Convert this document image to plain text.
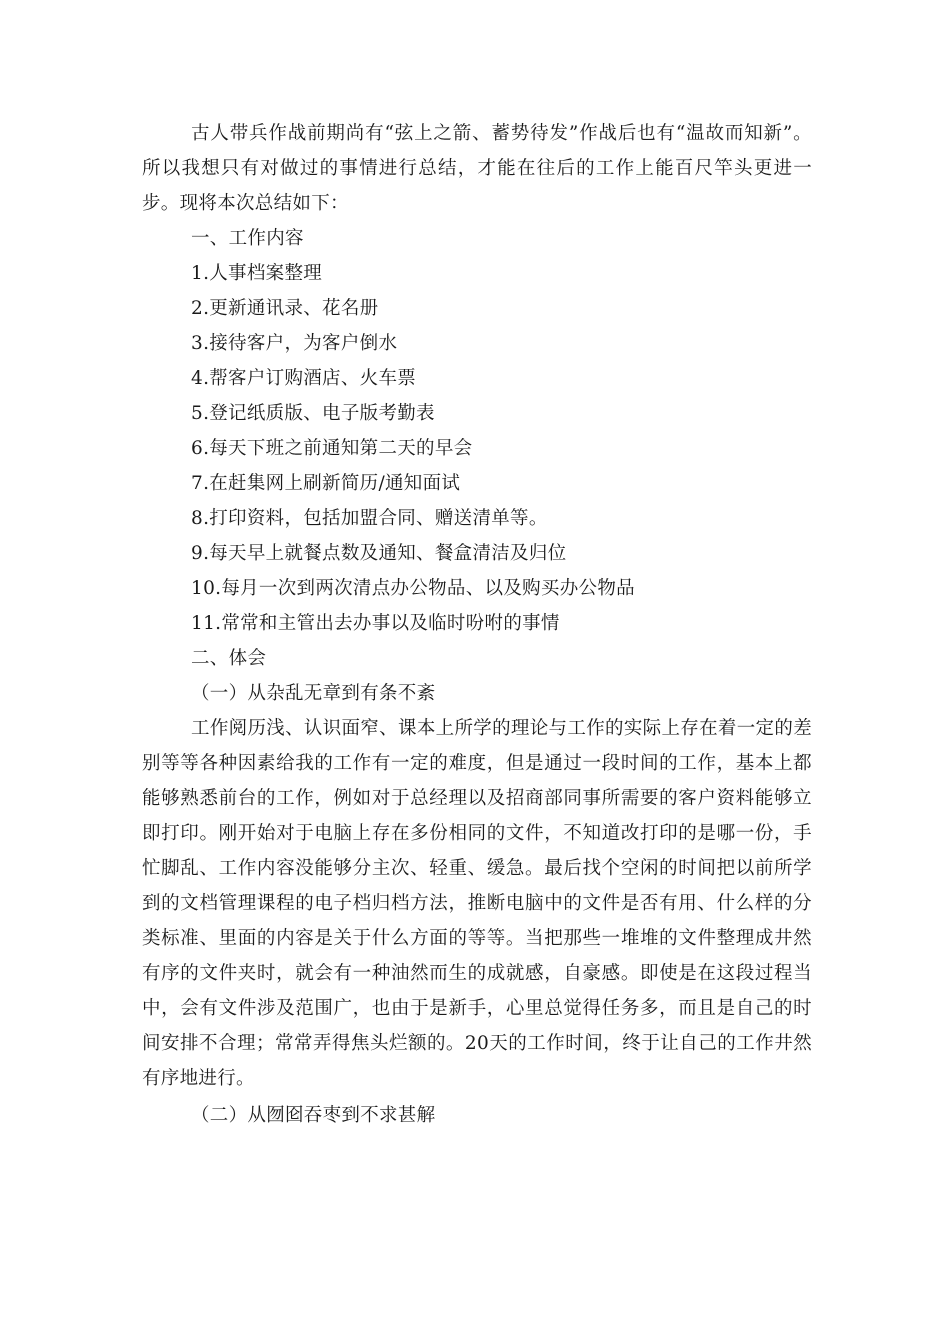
古人带兵作战前期尚有“弦上之箭、蓄势待发”作战后也有“温故而知新”。所以我想只有对做过的事情进行总结，才能在往后的工作上能百尺竿头更进一步。现将本次总结如下：

一、工作内容

1.人事档案整理

2.更新通讯录、花名册

3.接待客户，为客户倒水

4.帮客户订购酒店、火车票

5.登记纸质版、电子版考勤表

6.每天下班之前通知第二天的早会

7.在赶集网上刷新简历/通知面试

8.打印资料，包括加盟合同、赠送清单等。

9.每天早上就餐点数及通知、餐盒清洁及归位

10.每月一次到两次清点办公物品、以及购买办公物品

11.常常和主管出去办事以及临时吩咐的事情

二、体会

（一）从杂乱无章到有条不紊

工作阅历浅、认识面窄、课本上所学的理论与工作的实际上存在着一定的差别等等各种因素给我的工作有一定的难度，但是通过一段时间的工作，基本上都能够熟悉前台的工作，例如对于总经理以及招商部同事所需要的客户资料能够立即打印。刚开始对于电脑上存在多份相同的文件，不知道改打印的是哪一份，手忙脚乱、工作内容没能够分主次、轻重、缓急。最后找个空闲的时间把以前所学到的文档管理课程的电子档归档方法，推断电脑中的文件是否有用、什么样的分类标准、里面的内容是关于什么方面的等等。当把那些一堆堆的文件整理成井然有序的文件夹时，就会有一种油然而生的成就感，自豪感。即使是在这段过程当中，会有文件涉及范围广，也由于是新手，心里总觉得任务多，而且是自己的时间安排不合理；常常弄得焦头烂额的。20天的工作时间，终于让自己的工作井然有序地进行。

（二）从囫囵吞枣到不求甚解
